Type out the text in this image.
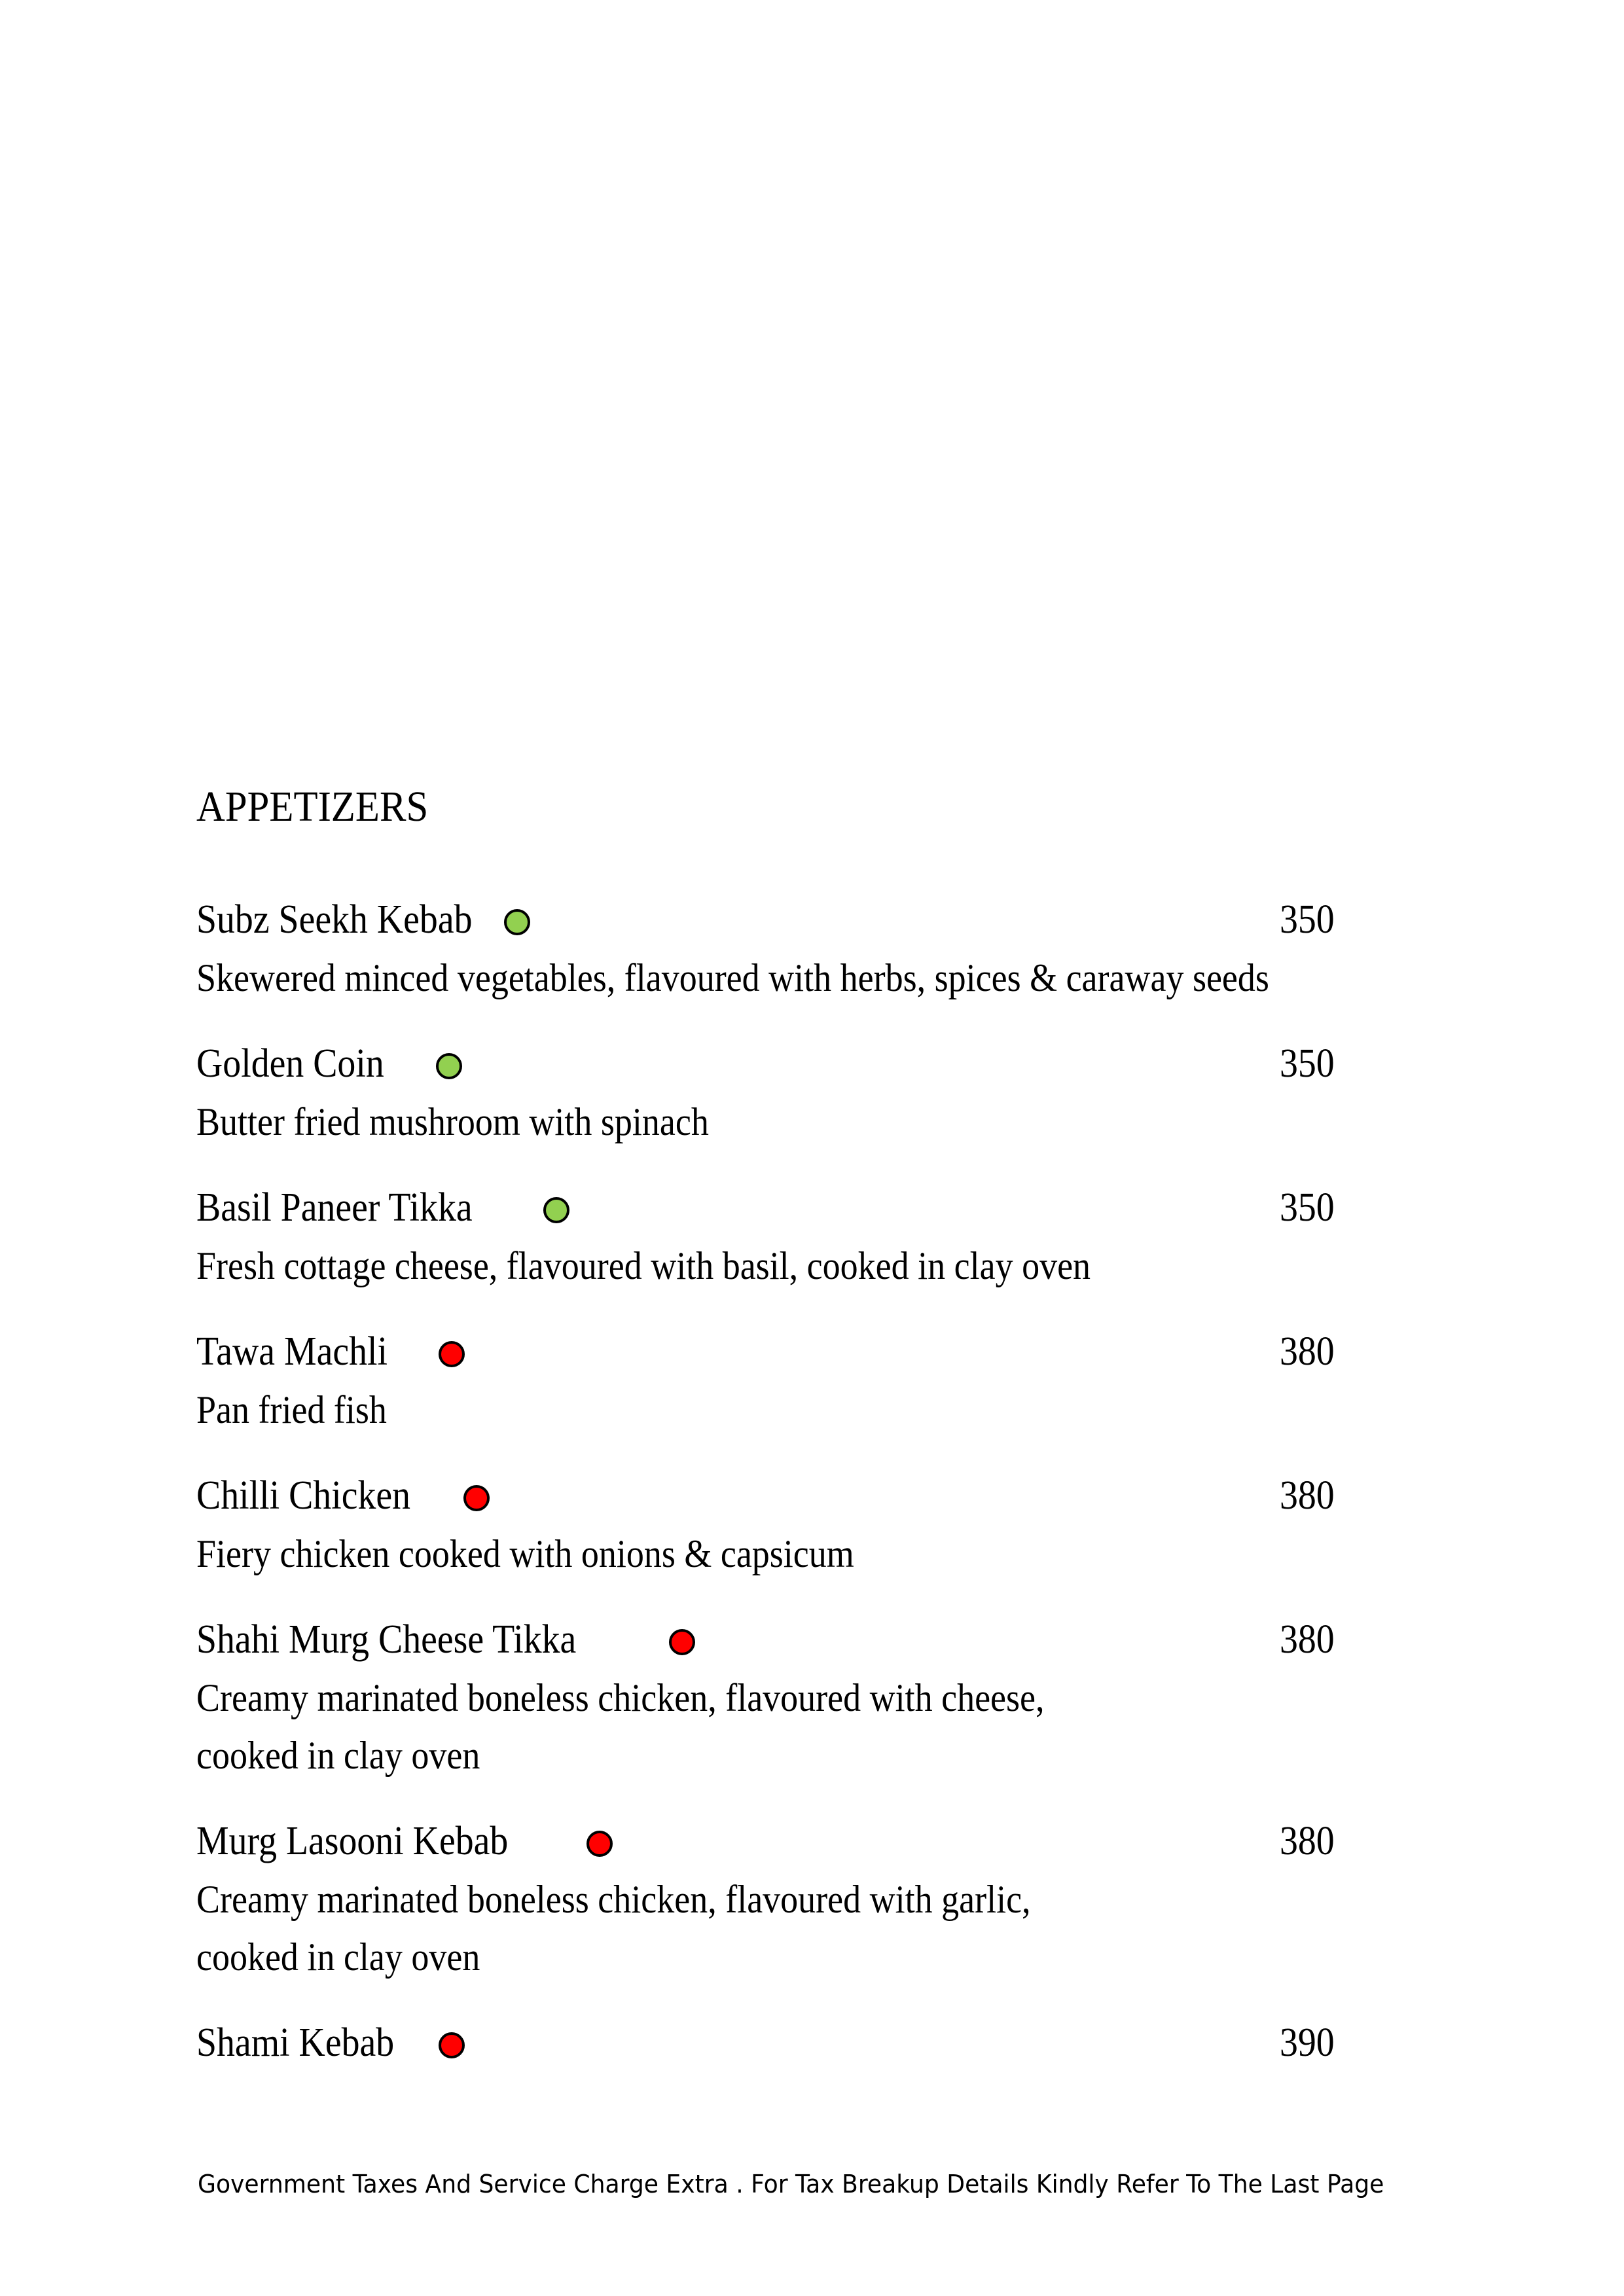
APPETIZERS
Subz Seekh Kebab	350
Skewered minced vegetables, flavoured with herbs, spices & caraway seeds
Golden Coin	350
Butter fried mushroom with spinach
Basil Paneer Tikka	350
Fresh cottage cheese, flavoured with basil, cooked in clay oven
Tawa Machli	380
Pan fried fish
Chilli Chicken	380
Fiery chicken cooked with onions & capsicum
Shahi Murg Cheese Tikka	380
Creamy marinated boneless chicken, flavoured with cheese,
cooked in clay oven
Murg Lasooni Kebab	380
Creamy marinated boneless chicken, flavoured with garlic,
cooked in clay oven
Shami Kebab	390
Government Taxes And Service Charge Extra . For Tax Breakup Details Kindly Refer To The Last Page
